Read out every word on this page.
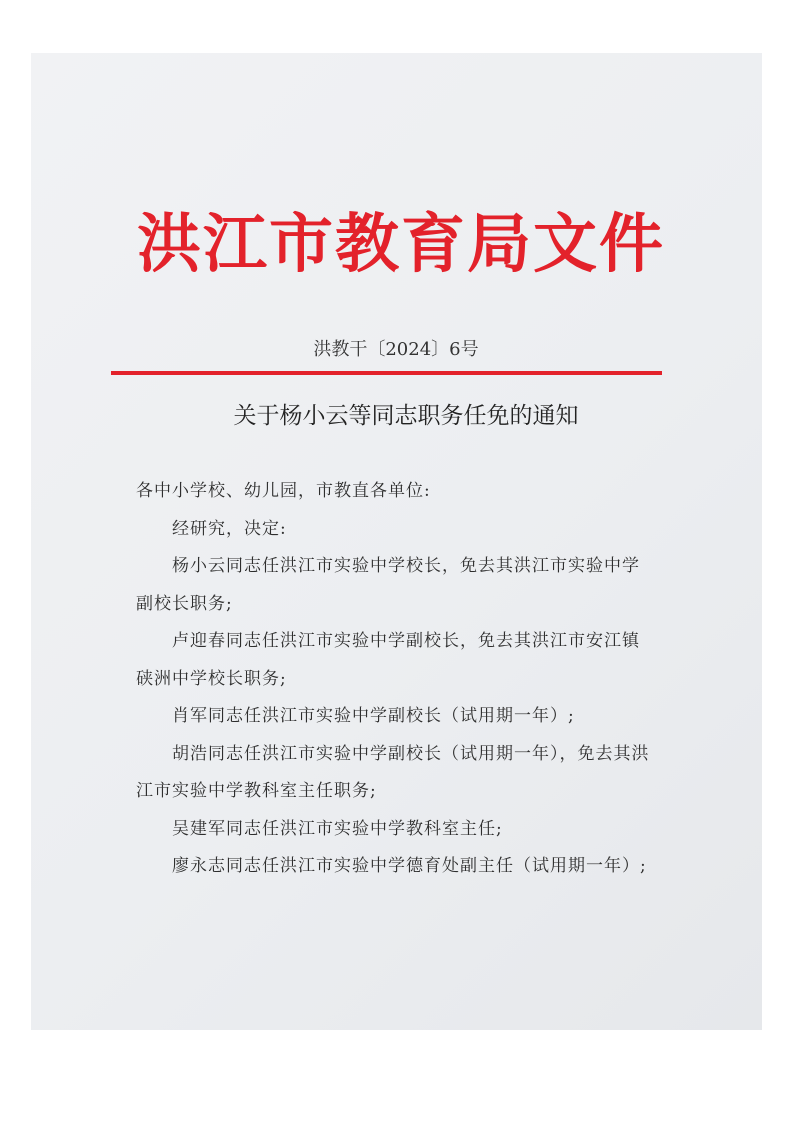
洪江市教育局文件
洪教干〔2024〕6号
关于杨小云等同志职务任免的通知

各中小学校、幼儿园，市教直各单位:

经研究，决定:

杨小云同志任洪江市实验中学校长，免去其洪江市实验中学副校长职务;

卢迎春同志任洪江市实验中学副校长，免去其洪江市安江镇硖洲中学校长职务;

肖军同志任洪江市实验中学副校长（试用期一年）;

胡浩同志任洪江市实验中学副校长（试用期一年），免去其洪江市实验中学教科室主任职务;

吴建军同志任洪江市实验中学教科室主任;

廖永志同志任洪江市实验中学德育处副主任（试用期一年）;
